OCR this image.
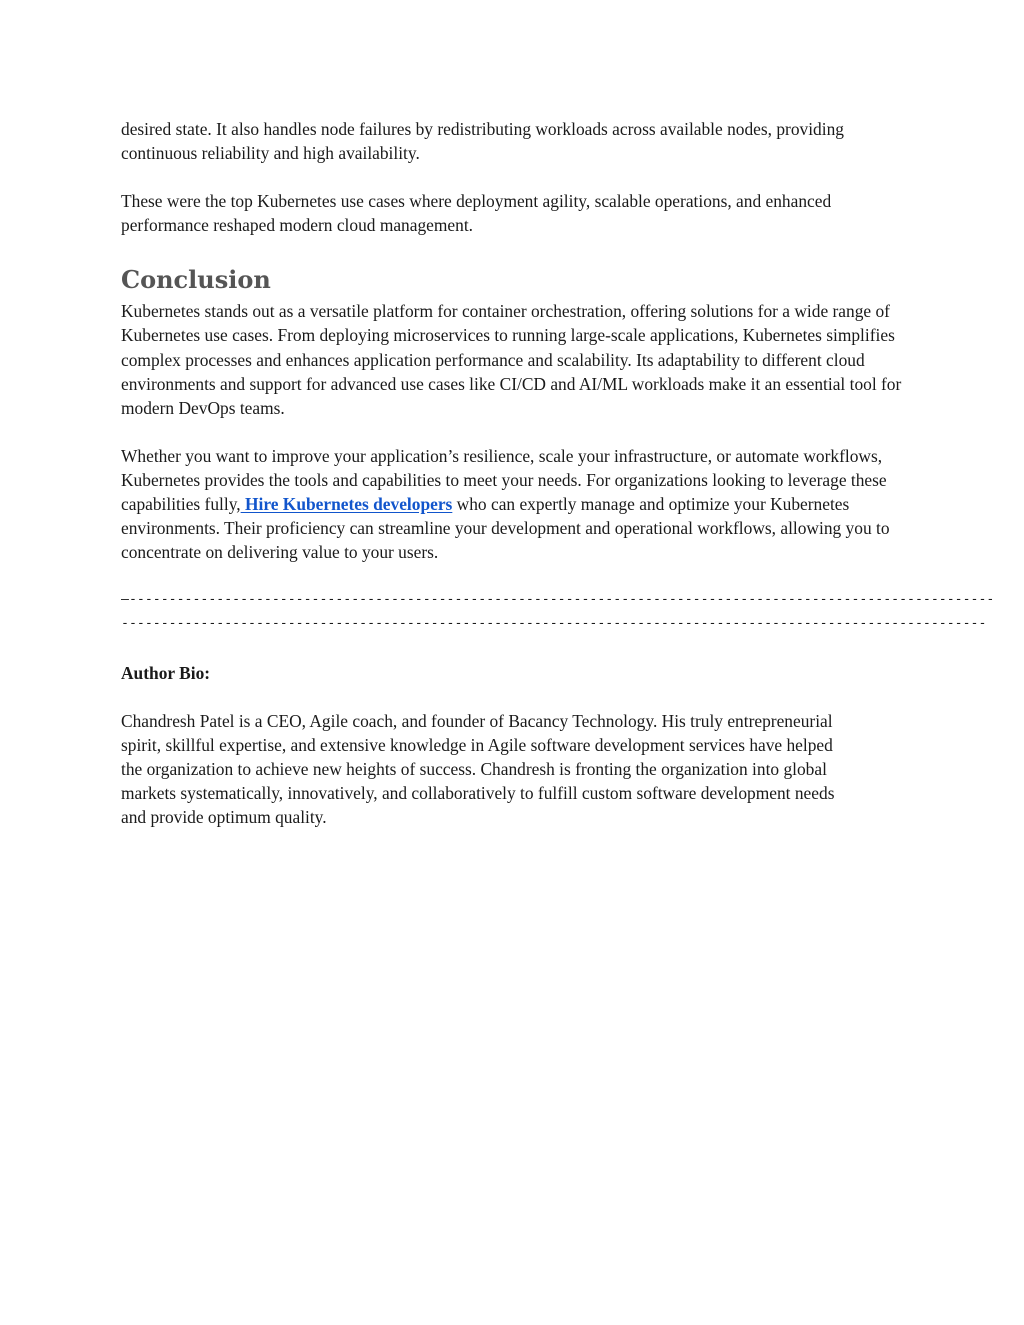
desired state. It also handles node failures by redistributing workloads across available nodes, providing continuous reliability and high availability.

These were the top Kubernetes use cases where deployment agility, scalable operations, and enhanced performance reshaped modern cloud management.

Conclusion

Kubernetes stands out as a versatile platform for container orchestration, offering solutions for a wide range of Kubernetes use cases. From deploying microservices to running large-scale applications, Kubernetes simplifies complex processes and enhances application performance and scalability. Its adaptability to different cloud environments and support for advanced use cases like CI/CD and AI/ML workloads make it an essential tool for modern DevOps teams.

Whether you want to improve your application’s resilience, scale your infrastructure, or automate workflows, Kubernetes provides the tools and capabilities to meet your needs. For organizations looking to leverage these capabilities fully, Hire Kubernetes developers who can expertly manage and optimize your Kubernetes environments. Their proficiency can streamline your development and operational workflows, allowing you to concentrate on delivering value to your users.

—-------------------------------------------------------------------------------------------------------------
-------------------------------------------------------------------------------------------------------------

Author Bio:

Chandresh Patel is a CEO, Agile coach, and founder of Bacancy Technology. His truly entrepreneurial spirit, skillful expertise, and extensive knowledge in Agile software development services have helped the organization to achieve new heights of success. Chandresh is fronting the organization into global markets systematically, innovatively, and collaboratively to fulfill custom software development needs and provide optimum quality.
